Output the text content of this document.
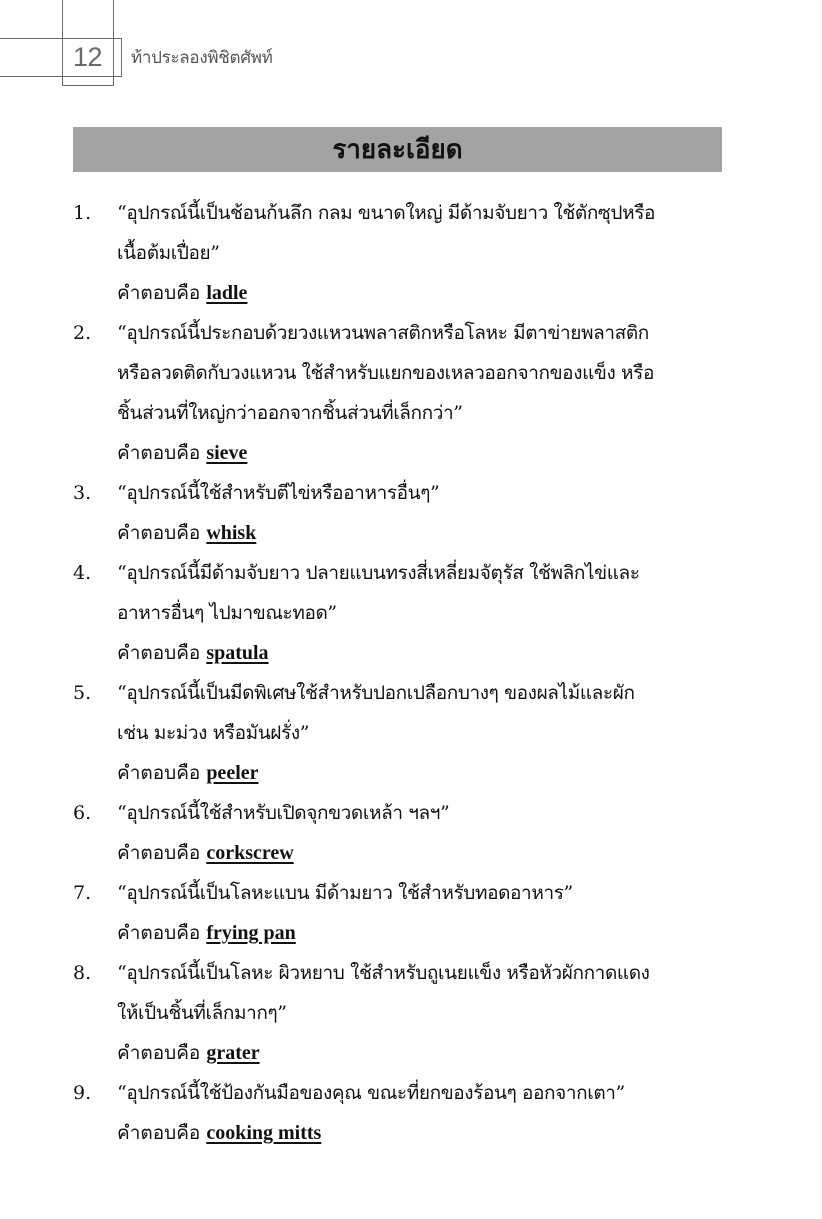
12	ท้าประลองพิชิตศัพท์
รายละเอียด
1.	“อุปกรณ์นี้เป็นช้อนก้นลึก กลม ขนาดใหญ่ มีด้ามจับยาว ใช้ตักซุปหรือ
เนื้อต้มเปื่อย”
คำตอบคือ ladle
2.	“อุปกรณ์นี้ประกอบด้วยวงแหวนพลาสติกหรือโลหะ มีตาข่ายพลาสติก
หรือลวดติดกับวงแหวน ใช้สำหรับแยกของเหลวออกจากของแข็ง หรือ
ชิ้นส่วนที่ใหญ่กว่าออกจากชิ้นส่วนที่เล็กกว่า”
คำตอบคือ sieve
3.	“อุปกรณ์นี้ใช้สำหรับตีไข่หรืออาหารอื่นๆ”
คำตอบคือ whisk
4.	“อุปกรณ์นี้มีด้ามจับยาว ปลายแบนทรงสี่เหลี่ยมจัตุรัส ใช้พลิกไข่และ
อาหารอื่นๆ ไปมาขณะทอด”
คำตอบคือ spatula
5.	“อุปกรณ์นี้เป็นมีดพิเศษใช้สำหรับปอกเปลือกบางๆ ของผลไม้และผัก
เช่น มะม่วง หรือมันฝรั่ง”
คำตอบคือ peeler
6.	“อุปกรณ์นี้ใช้สำหรับเปิดจุกขวดเหล้า ฯลฯ”
คำตอบคือ corkscrew
7.	“อุปกรณ์นี้เป็นโลหะแบน มีด้ามยาว ใช้สำหรับทอดอาหาร”
คำตอบคือ frying pan
8.	“อุปกรณ์นี้เป็นโลหะ ผิวหยาบ ใช้สำหรับถูเนยแข็ง หรือหัวผักกาดแดง
ให้เป็นชิ้นที่เล็กมากๆ”
คำตอบคือ grater
9.	“อุปกรณ์นี้ใช้ป้องกันมือของคุณ ขณะที่ยกของร้อนๆ ออกจากเตา”
คำตอบคือ cooking mitts
